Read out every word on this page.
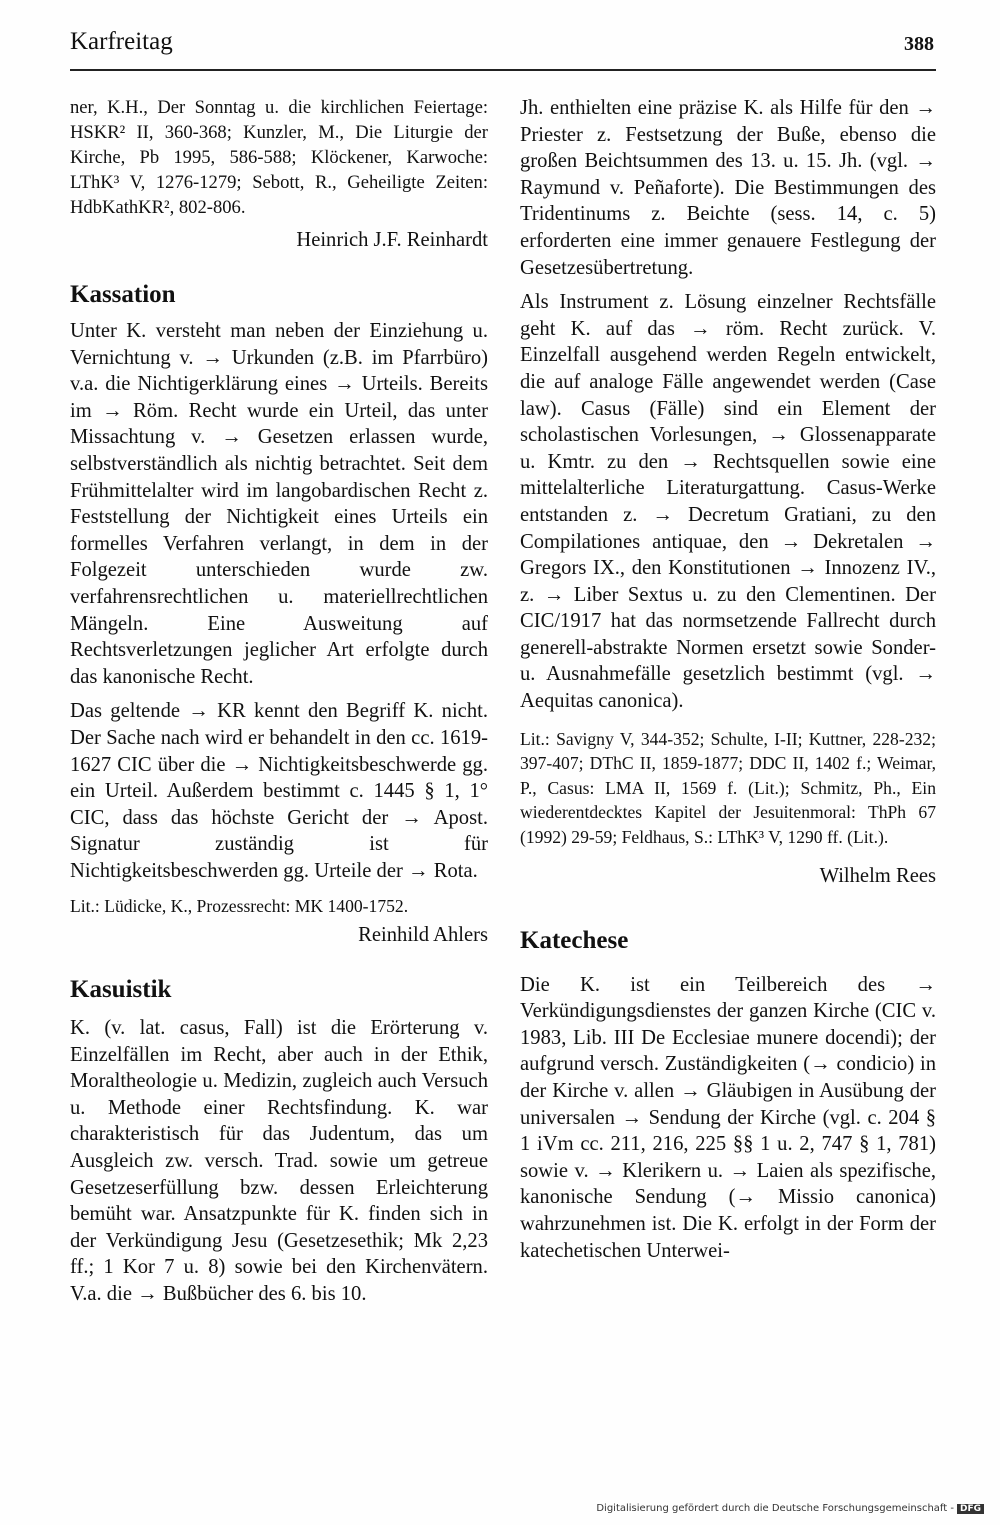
Karfreitag	388

ner, K.H., Der Sonntag u. die kirchlichen Feiertage: HSKR² II, 360-368; Kunzler, M., Die Liturgie der Kirche, Pb 1995, 586-588; Klöckener, Karwoche: LThK³ V, 1276-1279; Sebott, R., Geheiligte Zeiten: HdbKathKR², 802-806.

Heinrich J.F. Reinhardt

Kassation

Unter K. versteht man neben der Einziehung u. Vernichtung v. → Urkunden (z.B. im Pfarrbüro) v.a. die Nichtigerklärung eines → Urteils. Bereits im → Röm. Recht wurde ein Urteil, das unter Missachtung v. → Gesetzen erlassen wurde, selbstverständlich als nichtig betrachtet. Seit dem Frühmittelalter wird im langobardischen Recht z. Feststellung der Nichtigkeit eines Urteils ein formelles Verfahren verlangt, in dem in der Folgezeit unterschieden wurde zw. verfahrensrechtlichen u. materiellrechtlichen Mängeln. Eine Ausweitung auf Rechtsverletzungen jeglicher Art erfolgte durch das kanonische Recht.

Das geltende → KR kennt den Begriff K. nicht. Der Sache nach wird er behandelt in den cc. 1619-1627 CIC über die → Nichtigkeitsbeschwerde gg. ein Urteil. Außerdem bestimmt c. 1445 § 1, 1° CIC, dass das höchste Gericht der → Apost. Signatur zuständig ist für Nichtigkeitsbeschwerden gg. Urteile der → Rota.

Lit.: Lüdicke, K., Prozessrecht: MK 1400-1752.

Reinhild Ahlers

Kasuistik

K. (v. lat. casus, Fall) ist die Erörterung v. Einzelfällen im Recht, aber auch in der Ethik, Moraltheologie u. Medizin, zugleich auch Versuch u. Methode einer Rechtsfindung. K. war charakteristisch für das Judentum, das um Ausgleich zw. versch. Trad. sowie um getreue Gesetzeserfüllung bzw. dessen Erleichterung bemüht war. Ansatzpunkte für K. finden sich in der Verkündigung Jesu (Gesetzesethik; Mk 2,23 ff.; 1 Kor 7 u. 8) sowie bei den Kirchenvätern. V.a. die → Bußbücher des 6. bis 10.

Jh. enthielten eine präzise K. als Hilfe für den → Priester z. Festsetzung der Buße, ebenso die großen Beichtsummen des 13. u. 15. Jh. (vgl. → Raymund v. Peñaforte). Die Bestimmungen des Tridentinums z. Beichte (sess. 14, c. 5) erforderten eine immer genauere Festlegung der Gesetzesübertretung.

Als Instrument z. Lösung einzelner Rechtsfälle geht K. auf das → röm. Recht zurück. V. Einzelfall ausgehend werden Regeln entwickelt, die auf analoge Fälle angewendet werden (Case law). Casus (Fälle) sind ein Element der scholastischen Vorlesungen, → Glossenapparate u. Kmtr. zu den → Rechtsquellen sowie eine mittelalterliche Literaturgattung. Casus-Werke entstanden z. → Decretum Gratiani, zu den Compilationes antiquae, den → Dekretalen → Gregors IX., den Konstitutionen → Innozenz IV., z. → Liber Sextus u. zu den Clementinen. Der CIC/1917 hat das normsetzende Fallrecht durch generell-abstrakte Normen ersetzt sowie Sonder- u. Ausnahmefälle gesetzlich bestimmt (vgl. → Aequitas canonica).

Lit.: Savigny V, 344-352; Schulte, I-II; Kuttner, 228-232; 397-407; DThC II, 1859-1877; DDC II, 1402 f.; Weimar, P., Casus: LMA II, 1569 f. (Lit.); Schmitz, Ph., Ein wiederentdecktes Kapitel der Jesuitenmoral: ThPh 67 (1992) 29-59; Feldhaus, S.: LThK³ V, 1290 ff. (Lit.).

Wilhelm Rees

Katechese

Die K. ist ein Teilbereich des → Verkündigungsdienstes der ganzen Kirche (CIC v. 1983, Lib. III De Ecclesiae munere docendi); der aufgrund versch. Zuständigkeiten (→ condicio) in der Kirche v. allen → Gläubigen in Ausübung der universalen → Sendung der Kirche (vgl. c. 204 § 1 iVm cc. 211, 216, 225 §§ 1 u. 2, 747 § 1, 781) sowie v. → Klerikern u. → Laien als spezifische, kanonische Sendung (→ Missio canonica) wahrzunehmen ist. Die K. erfolgt in der Form der katechetischen Unterwei-

Digitalisierung gefördert durch die Deutsche Forschungsgemeinschaft - DFG
